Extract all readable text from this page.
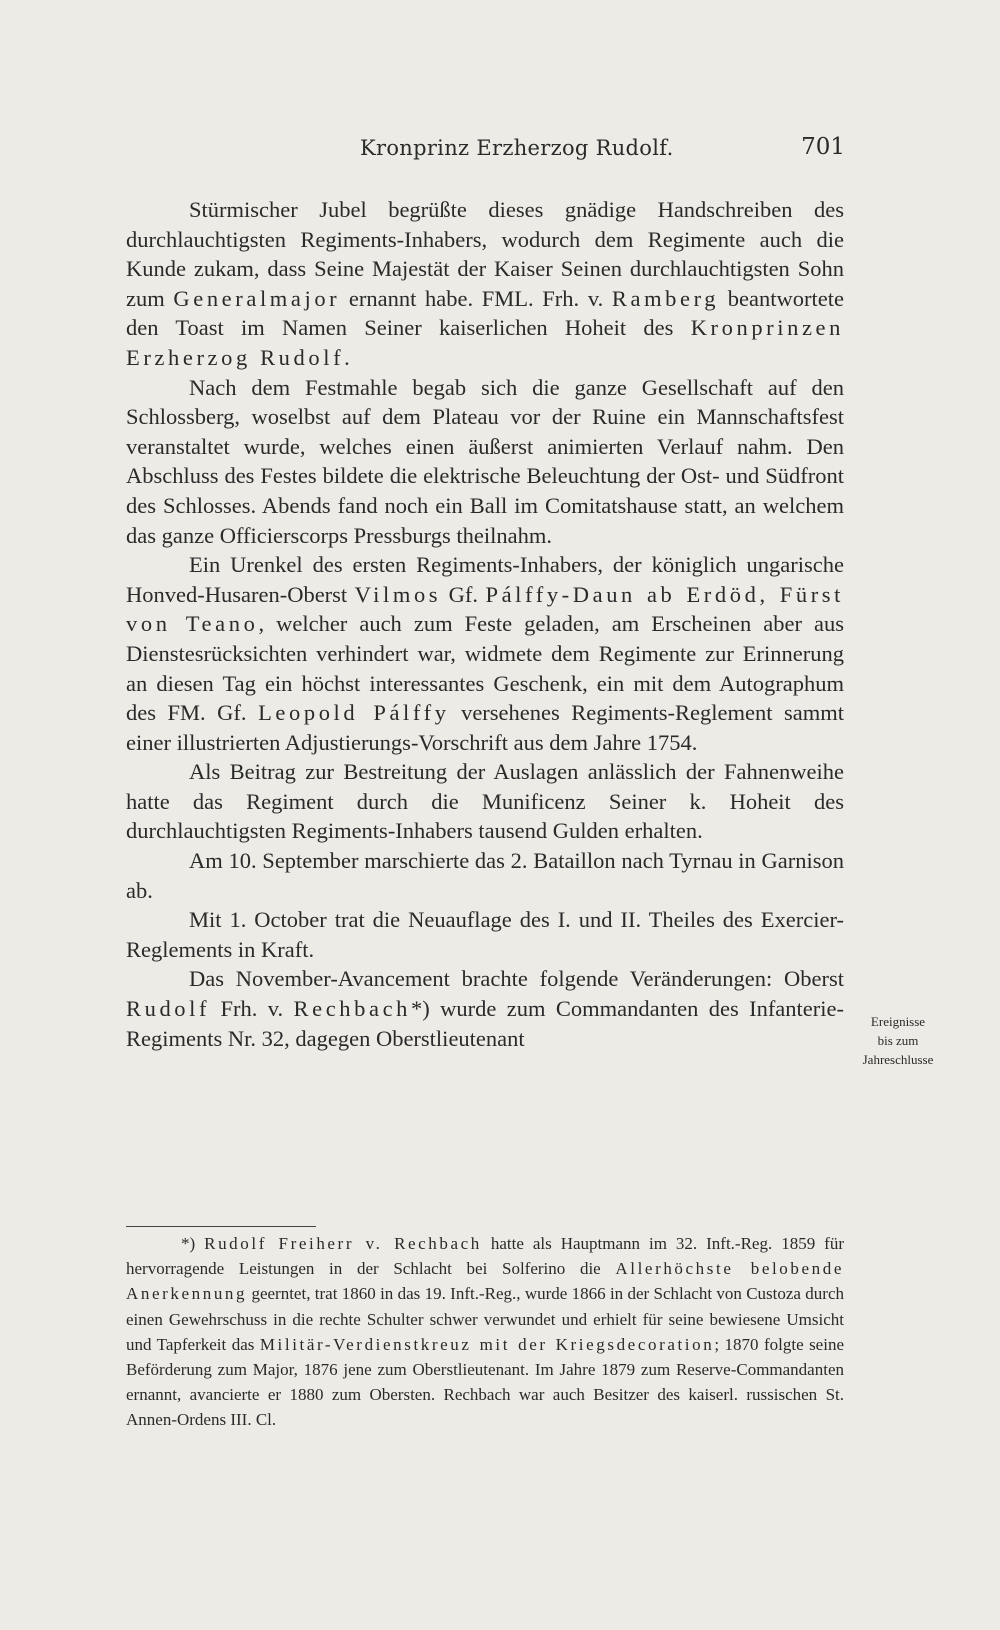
Kronprinz Erzherzog Rudolf.	701

Stürmischer Jubel begrüßte dieses gnädige Handschreiben des durchlauchtigsten Regiments-Inhabers, wodurch dem Regimente auch die Kunde zukam, dass Seine Majestät der Kaiser Seinen durchlauchtigsten Sohn zum Generalmajor ernannt habe. FML. Frh. v. Ramberg beantwortete den Toast im Namen Seiner kaiserlichen Hoheit des Kronprinzen Erzherzog Rudolf.

Nach dem Festmahle begab sich die ganze Gesellschaft auf den Schlossberg, woselbst auf dem Plateau vor der Ruine ein Mannschaftsfest veranstaltet wurde, welches einen äußerst animierten Verlauf nahm. Den Abschluss des Festes bildete die elektrische Beleuchtung der Ost- und Südfront des Schlosses. Abends fand noch ein Ball im Comitatshause statt, an welchem das ganze Officierscorps Pressburgs theilnahm.

Ein Urenkel des ersten Regiments-Inhabers, der königlich ungarische Honved-Husaren-Oberst Vilmos Gf. Pálffy-Daun ab Erdöd, Fürst von Teano, welcher auch zum Feste geladen, am Erscheinen aber aus Dienstesrücksichten verhindert war, widmete dem Regimente zur Erinnerung an diesen Tag ein höchst interessantes Geschenk, ein mit dem Autographum des FM. Gf. Leopold Pálffy versehenes Regiments-Reglement sammt einer illustrierten Adjustierungs-Vorschrift aus dem Jahre 1754.

Als Beitrag zur Bestreitung der Auslagen anlässlich der Fahnenweihe hatte das Regiment durch die Munificenz Seiner k. Hoheit des durchlauchtigsten Regiments-Inhabers tausend Gulden erhalten.

Am 10. September marschierte das 2. Bataillon nach Tyrnau in Garnison ab.

Mit 1. October trat die Neuauflage des I. und II. Theiles des Exercier-Reglements in Kraft.

Das November-Avancement brachte folgende Veränderungen: Oberst Rudolf Frh. v. Rechbach*) wurde zum Commandanten des Infanterie-Regiments Nr. 32, dagegen Oberstlieutenant

Ereignisse
bis zum
Jahreschlusse

*) Rudolf Freiherr v. Rechbach hatte als Hauptmann im 32. Inft.-Reg. 1859 für hervorragende Leistungen in der Schlacht bei Solferino die Allerhöchste belobende Anerkennung geerntet, trat 1860 in das 19. Inft.-Reg., wurde 1866 in der Schlacht von Custoza durch einen Gewehrschuss in die rechte Schulter schwer verwundet und erhielt für seine bewiesene Umsicht und Tapferkeit das Militär-Verdienstkreuz mit der Kriegsdecoration; 1870 folgte seine Beförderung zum Major, 1876 jene zum Oberstlieutenant. Im Jahre 1879 zum Reserve-Commandanten ernannt, avancierte er 1880 zum Obersten. Rechbach war auch Besitzer des kaiserl. russischen St. Annen-Ordens III. Cl.
